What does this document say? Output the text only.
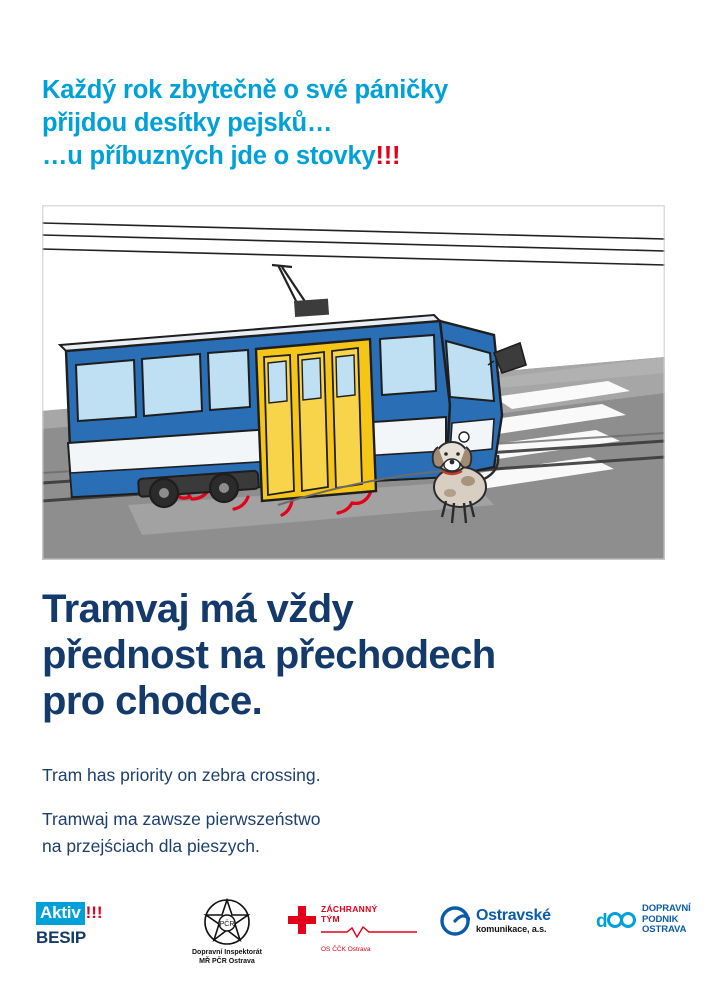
Každý rok zbytečně o své páničky
přijdou desítky pejsků…
…u příbuzných jde o stovky!!!
Tramvaj má vždy
přednost na přechodech
pro chodce.
Tram has priority on zebra crossing.
Tramwaj ma zawsze pierwszeństwo
na przejściach dla pieszych.
Aktiv !!!
BESIP
PČR
Dopravní Inspektorát
MŘ PČR Ostrava
ZÁCHRANNÝ
TÝM
OS ČČK Ostrava
Ostravské
komunikace, a.s.	d
DOPRAVNÍ
PODNIK
OSTRAVA
